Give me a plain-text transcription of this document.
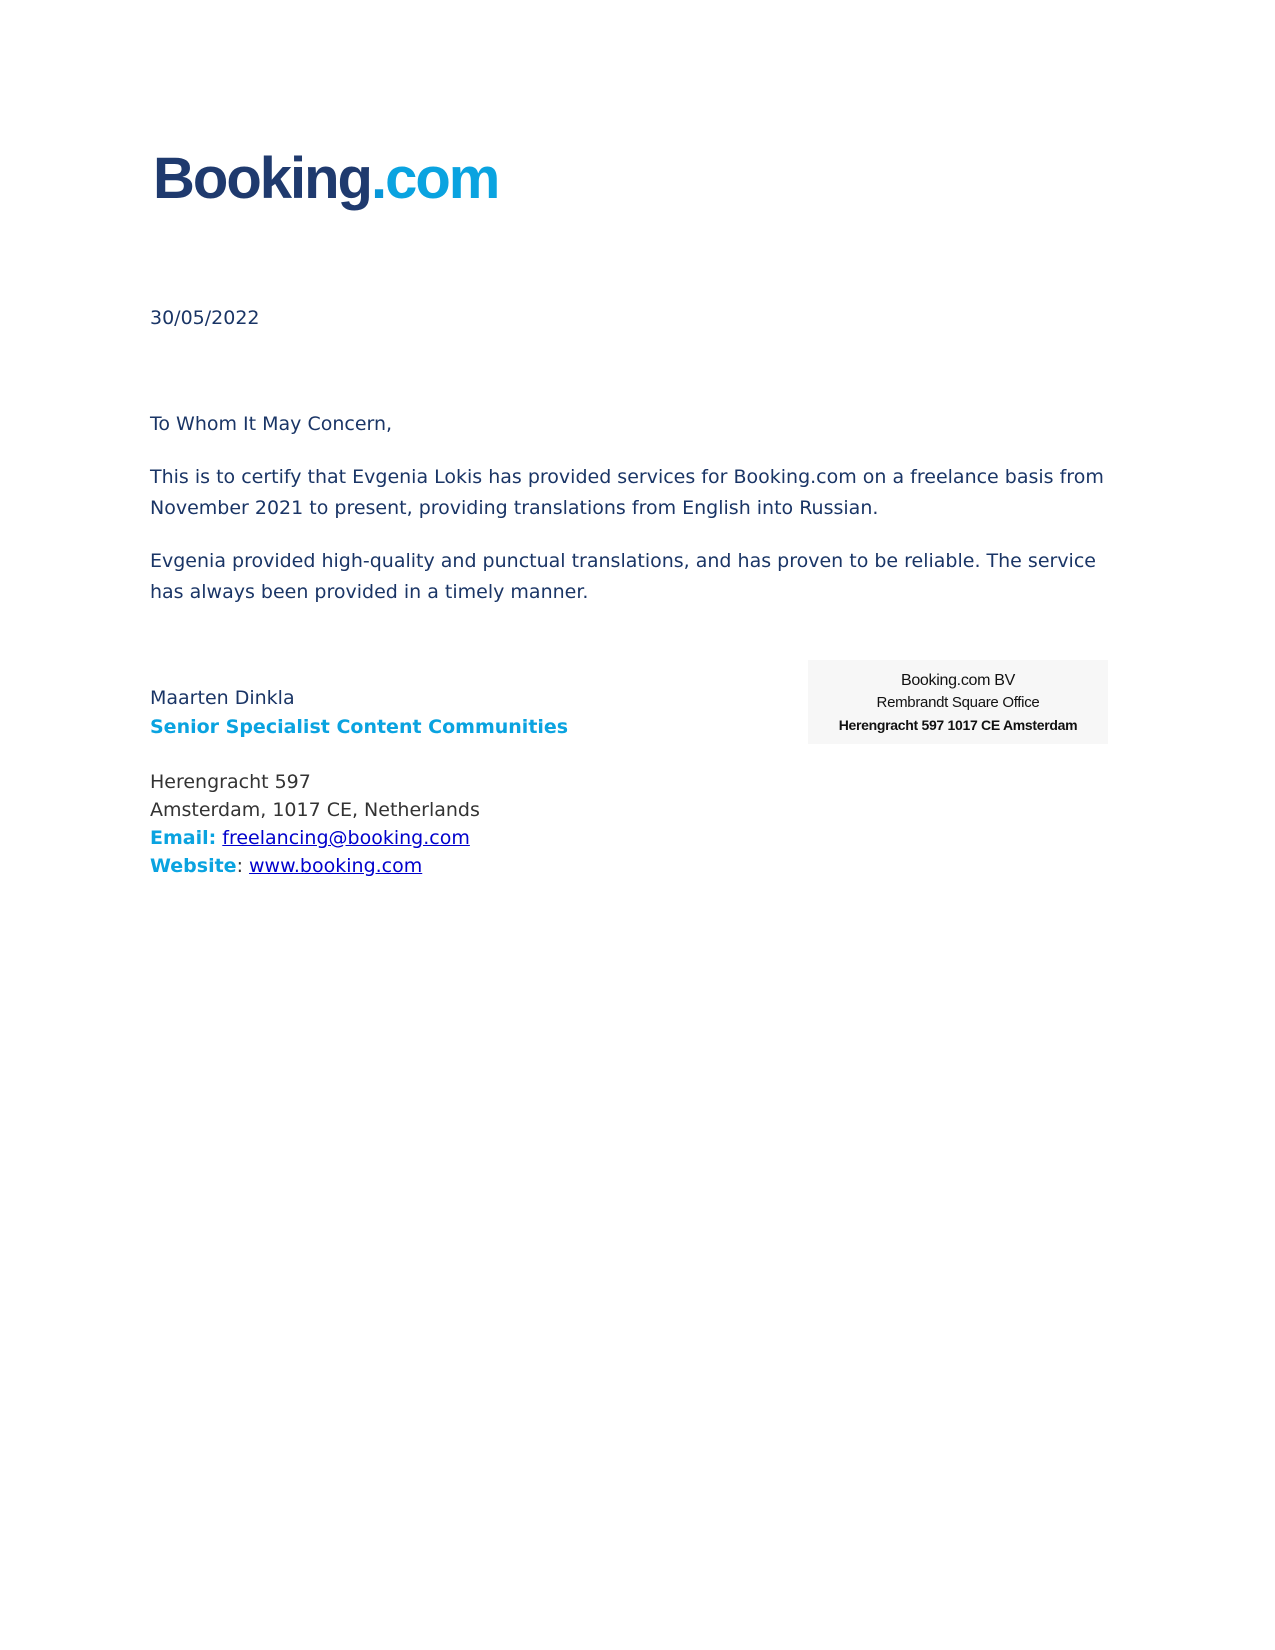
Booking.com

30/05/2022

To Whom It May Concern,

This is to certify that Evgenia Lokis has provided services for Booking.com on a freelance basis from November 2021 to present, providing translations from English into Russian.

Evgenia provided high-quality and punctual translations, and has proven to be reliable. The service has always been provided in a timely manner.

Maarten Dinkla

Senior Specialist Content Communities

Herengracht 597

Amsterdam, 1017 CE, Netherlands

Email: freelancing@booking.com

Website: www.booking.com

Booking.com BV
Rembrandt Square Office
Herengracht 597 1017 CE Amsterdam
